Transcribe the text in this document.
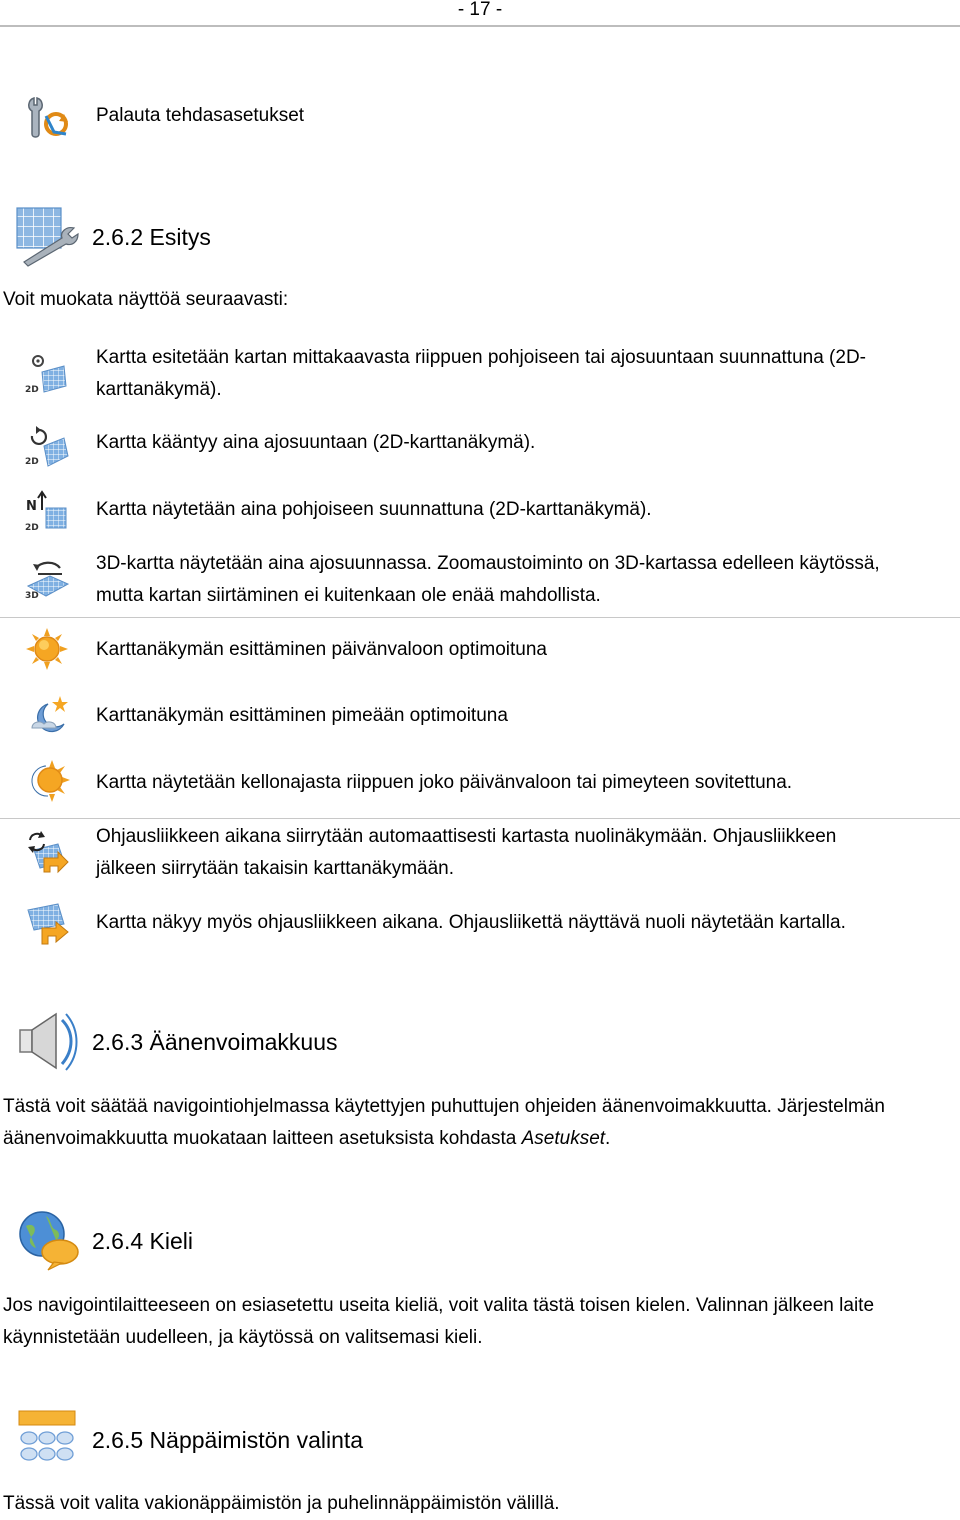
- 17 -
Palauta tehdasasetukset
2.6.2 Esitys
Voit muokata näyttöä seuraavasti:
2D
Kartta esitetään kartan mittakaavasta riippuen pohjoiseen tai ajosuuntaan suunnattuna (2D-
karttanäkymä).
2D
Kartta kääntyy aina ajosuuntaan (2D-karttanäkymä).
N
2D
Kartta näytetään aina pohjoiseen suunnattuna (2D-karttanäkymä).
3D
3D-kartta näytetään aina ajosuunnassa. Zoomaustoiminto on 3D-kartassa edelleen käytössä,
mutta kartan siirtäminen ei kuitenkaan ole enää mahdollista.
Karttanäkymän esittäminen päivänvaloon optimoituna
Karttanäkymän esittäminen pimeään optimoituna
Kartta näytetään kellonajasta riippuen joko päivänvaloon tai pimeyteen sovitettuna.
Ohjausliikkeen aikana siirrytään automaattisesti kartasta nuolinäkymään. Ohjausliikkeen
jälkeen siirrytään takaisin karttanäkymään.
Kartta näkyy myös ohjausliikkeen aikana. Ohjausliikettä näyttävä nuoli näytetään kartalla.
2.6.3 Äänenvoimakkuus
Tästä voit säätää navigointiohjelmassa käytettyjen puhuttujen ohjeiden äänenvoimakkuutta. Järjestelmän
äänenvoimakkuutta muokataan laitteen asetuksista kohdasta Asetukset.
2.6.4 Kieli
Jos navigointilaitteeseen on esiasetettu useita kieliä, voit valita tästä toisen kielen. Valinnan jälkeen laite
käynnistetään uudelleen, ja käytössä on valitsemasi kieli.
2.6.5 Näppäimistön valinta
Tässä voit valita vakionäppäimistön ja puhelinnäppäimistön välillä.
